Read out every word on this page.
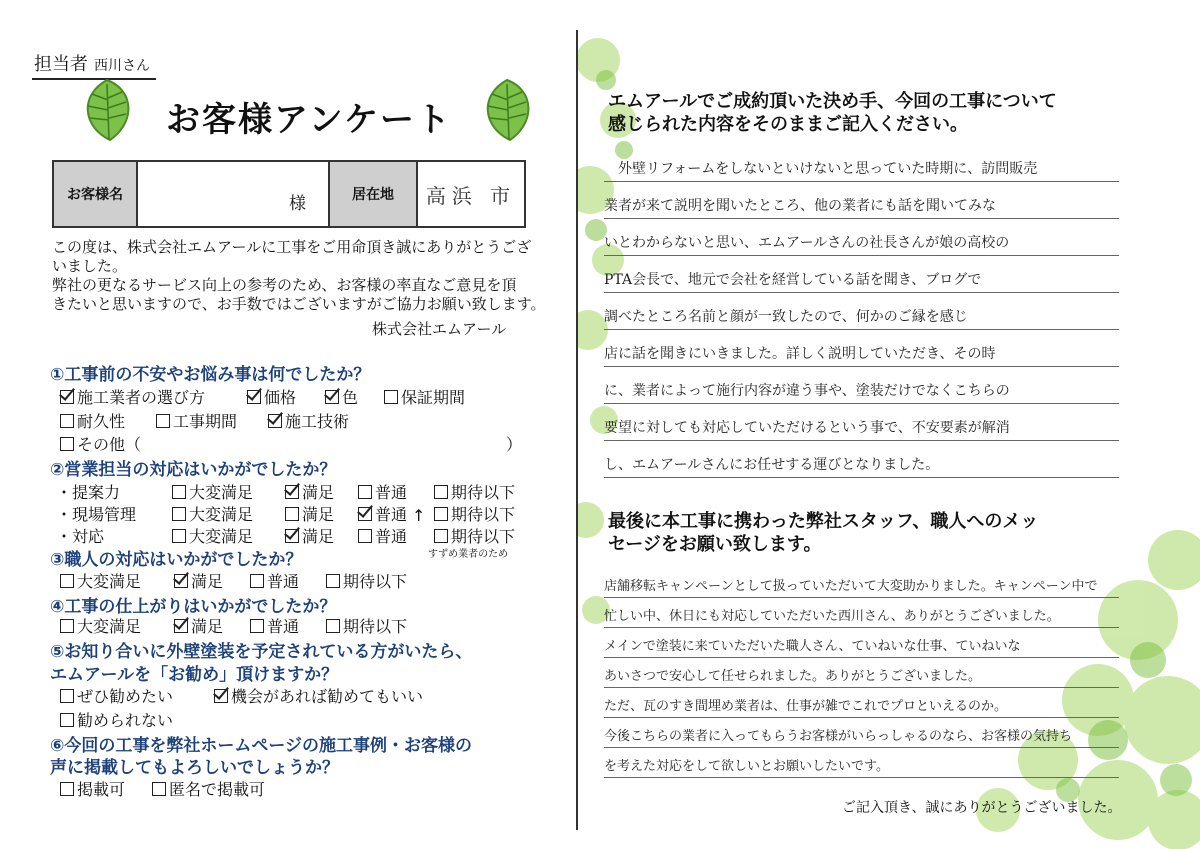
担当者 西川さん
お客様アンケート
お客様名	様	居在地	高浜 市
この度は、株式会社エムアールに工事をご用命頂き誠にありがとうござ
いました。
弊社の更なるサービス向上の参考のため、お客様の率直なご意見を頂
きたいと思いますので、お手数ではございますがご協力お願い致します。
株式会社エムアール
①工事前の不安やお悩み事は何でしたか？
施工業者の選び方	価格	色	保証期間
耐久性	工事期間	施工技術
その他（	）
②営業担当の対応はいかがでしたか？
・提案力	大変満足	満足	普通	期待以下
・現場管理	大変満足	満足	普通	期待以下
・対応	大変満足	満足	普通	期待以下
↑
すずめ業者のため
③職人の対応はいかがでしたか？
大変満足	満足	普通	期待以下
④工事の仕上がりはいかがでしたか？
大変満足	満足	普通	期待以下
⑤お知り合いに外壁塗装を予定されている方がいたら、
エムアールを「お勧め」頂けますか？
ぜひ勧めたい	機会があれば勧めてもいい
勧められない
⑥今回の工事を弊社ホームページの施工事例・お客様の
声に掲載してもよろしいでしょうか？
掲載可	匿名で掲載可
エムアールでご成約頂いた決め手、今回の工事について
感じられた内容をそのままご記入ください。
　外壁リフォームをしないといけないと思っていた時期に、訪問販売
業者が来て説明を聞いたところ、他の業者にも話を聞いてみな
いとわからないと思い、エムアールさんの社長さんが娘の高校の
PTA会長で、地元で会社を経営している話を聞き、ブログで
調べたところ名前と顔が一致したので、何かのご縁を感じ
店に話を聞きにいきました。詳しく説明していただき、その時
に、業者によって施行内容が違う事や、塗装だけでなくこちらの
要望に対しても対応していただけるという事で、不安要素が解消
し、エムアールさんにお任せする運びとなりました。
最後に本工事に携わった弊社スタッフ、職人へのメッ
セージをお願い致します。
店舗移転キャンペーンとして扱っていただいて大変助かりました。キャンペーン中で
忙しい中、休日にも対応していただいた西川さん、ありがとうございました。
メインで塗装に来ていただいた職人さん、ていねいな仕事、ていねいな
あいさつで安心して任せられました。ありがとうございました。
ただ、瓦のすき間埋め業者は、仕事が雑でこれでプロといえるのか。
今後こちらの業者に入ってもらうお客様がいらっしゃるのなら、お客様の気持ち
を考えた対応をして欲しいとお願いしたいです。
ご記入頂き、誠にありがとうございました。
